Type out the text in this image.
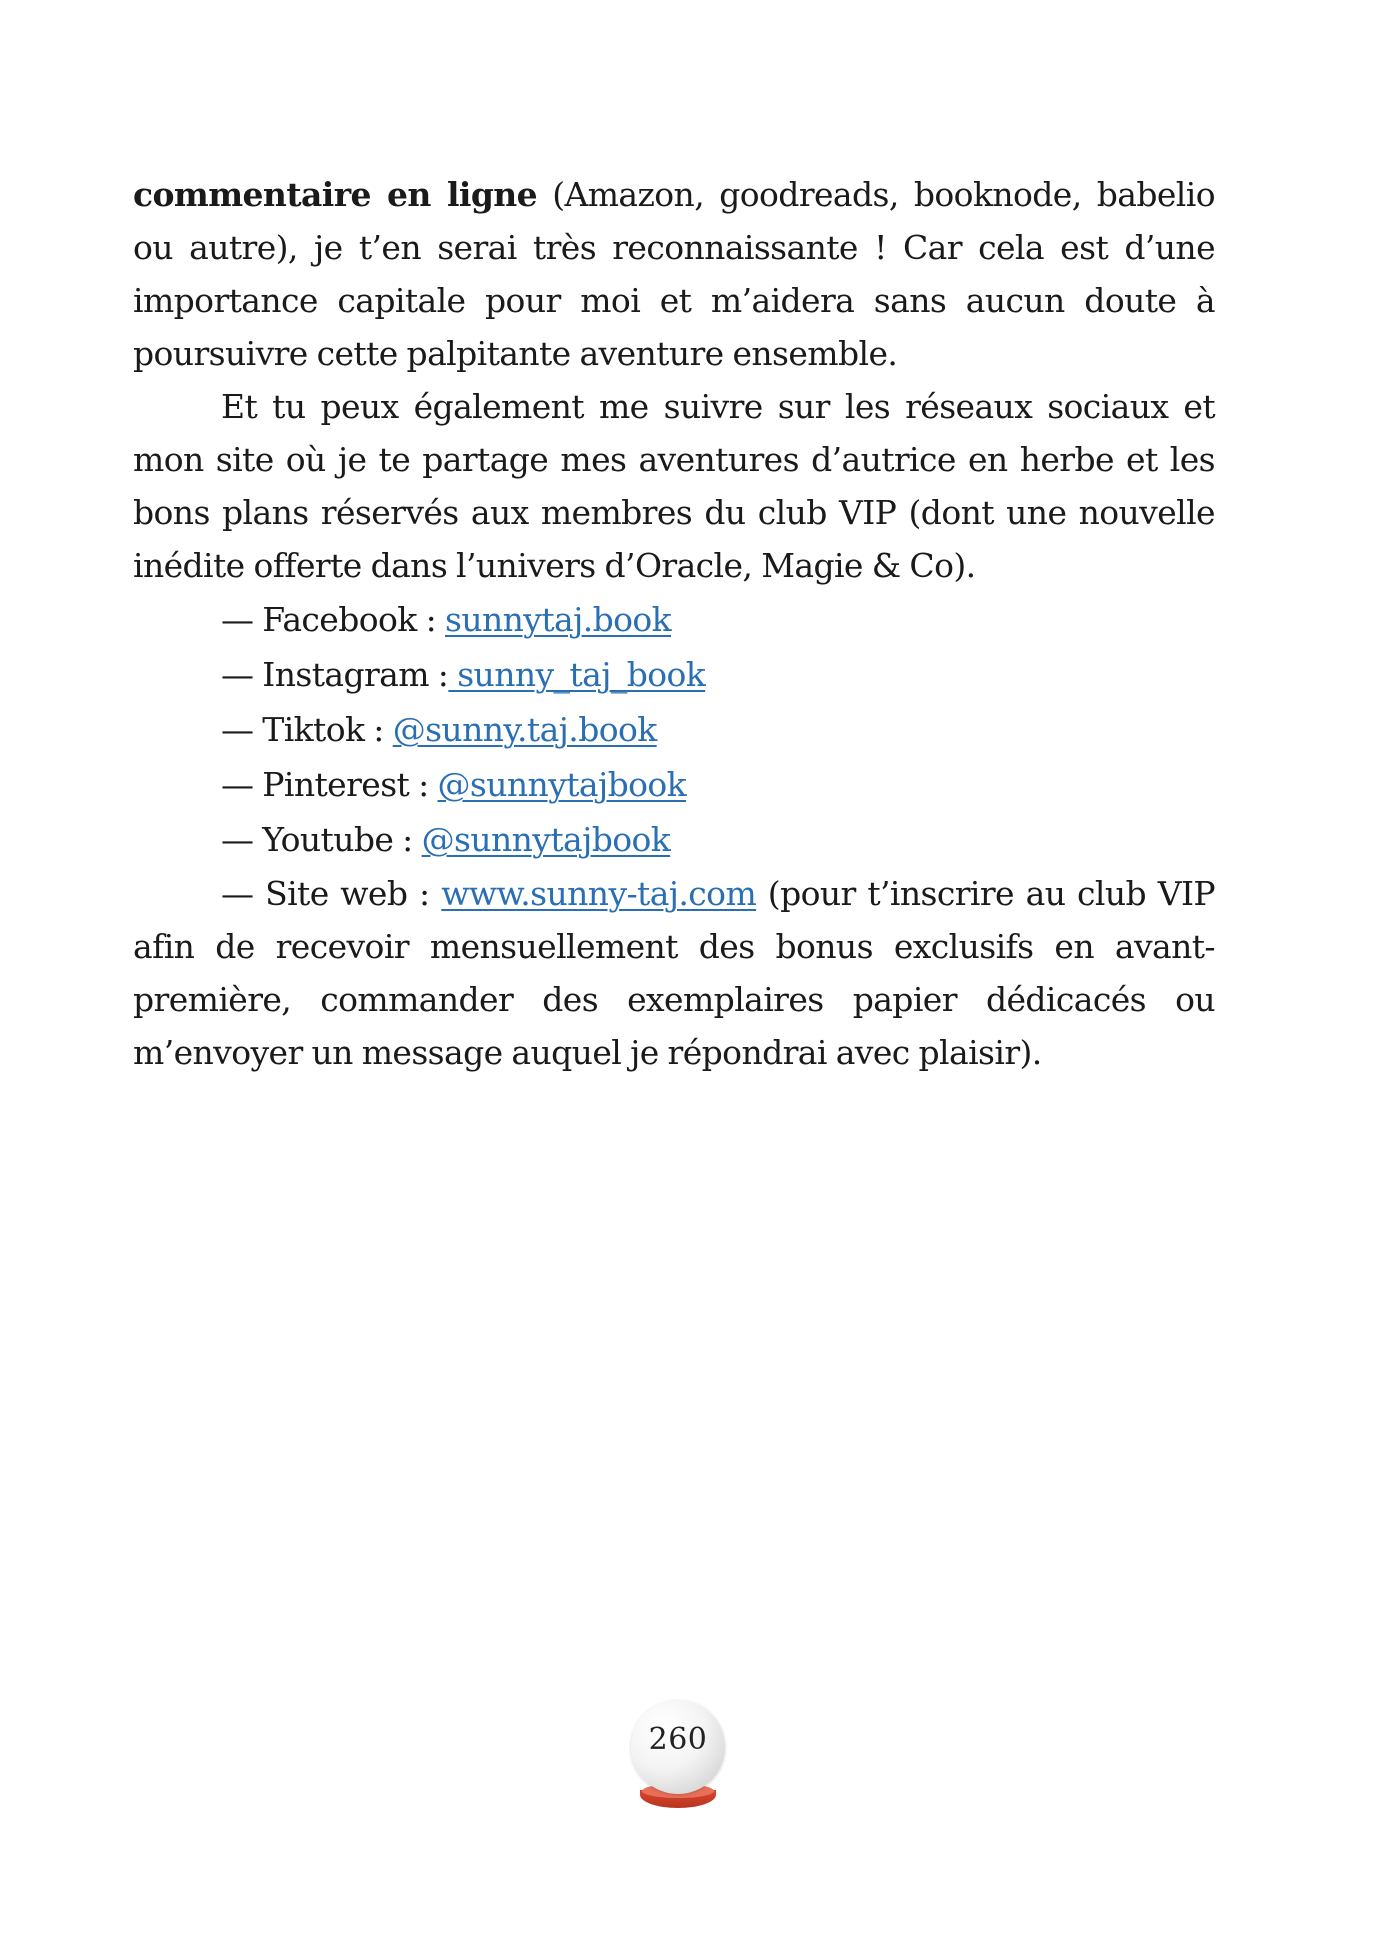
commentaire en ligne (Amazon, goodreads, booknode, babelio ou autre), je t’en serai très reconnaissante ! Car cela est d’une importance capitale pour moi et m’aidera sans aucun doute à poursuivre cette palpitante aventure ensemble.

Et tu peux également me suivre sur les réseaux sociaux et mon site où je te partage mes aventures d’autrice en herbe et les bons plans réservés aux membres du club VIP (dont une nouvelle inédite offerte dans l’univers d’Oracle, Magie & Co).

— Facebook : sunnytaj.book

— Instagram : sunny_taj_book

— Tiktok : @sunny.taj.book

— Pinterest : @sunnytajbook

— Youtube : @sunnytajbook

— Site web : www.sunny-taj.com (pour t’inscrire au club VIP afin de recevoir mensuellement des bonus exclusifs en avant-première, commander des exemplaires papier dédicacés ou m’envoyer un message auquel je répondrai avec plaisir).

260
